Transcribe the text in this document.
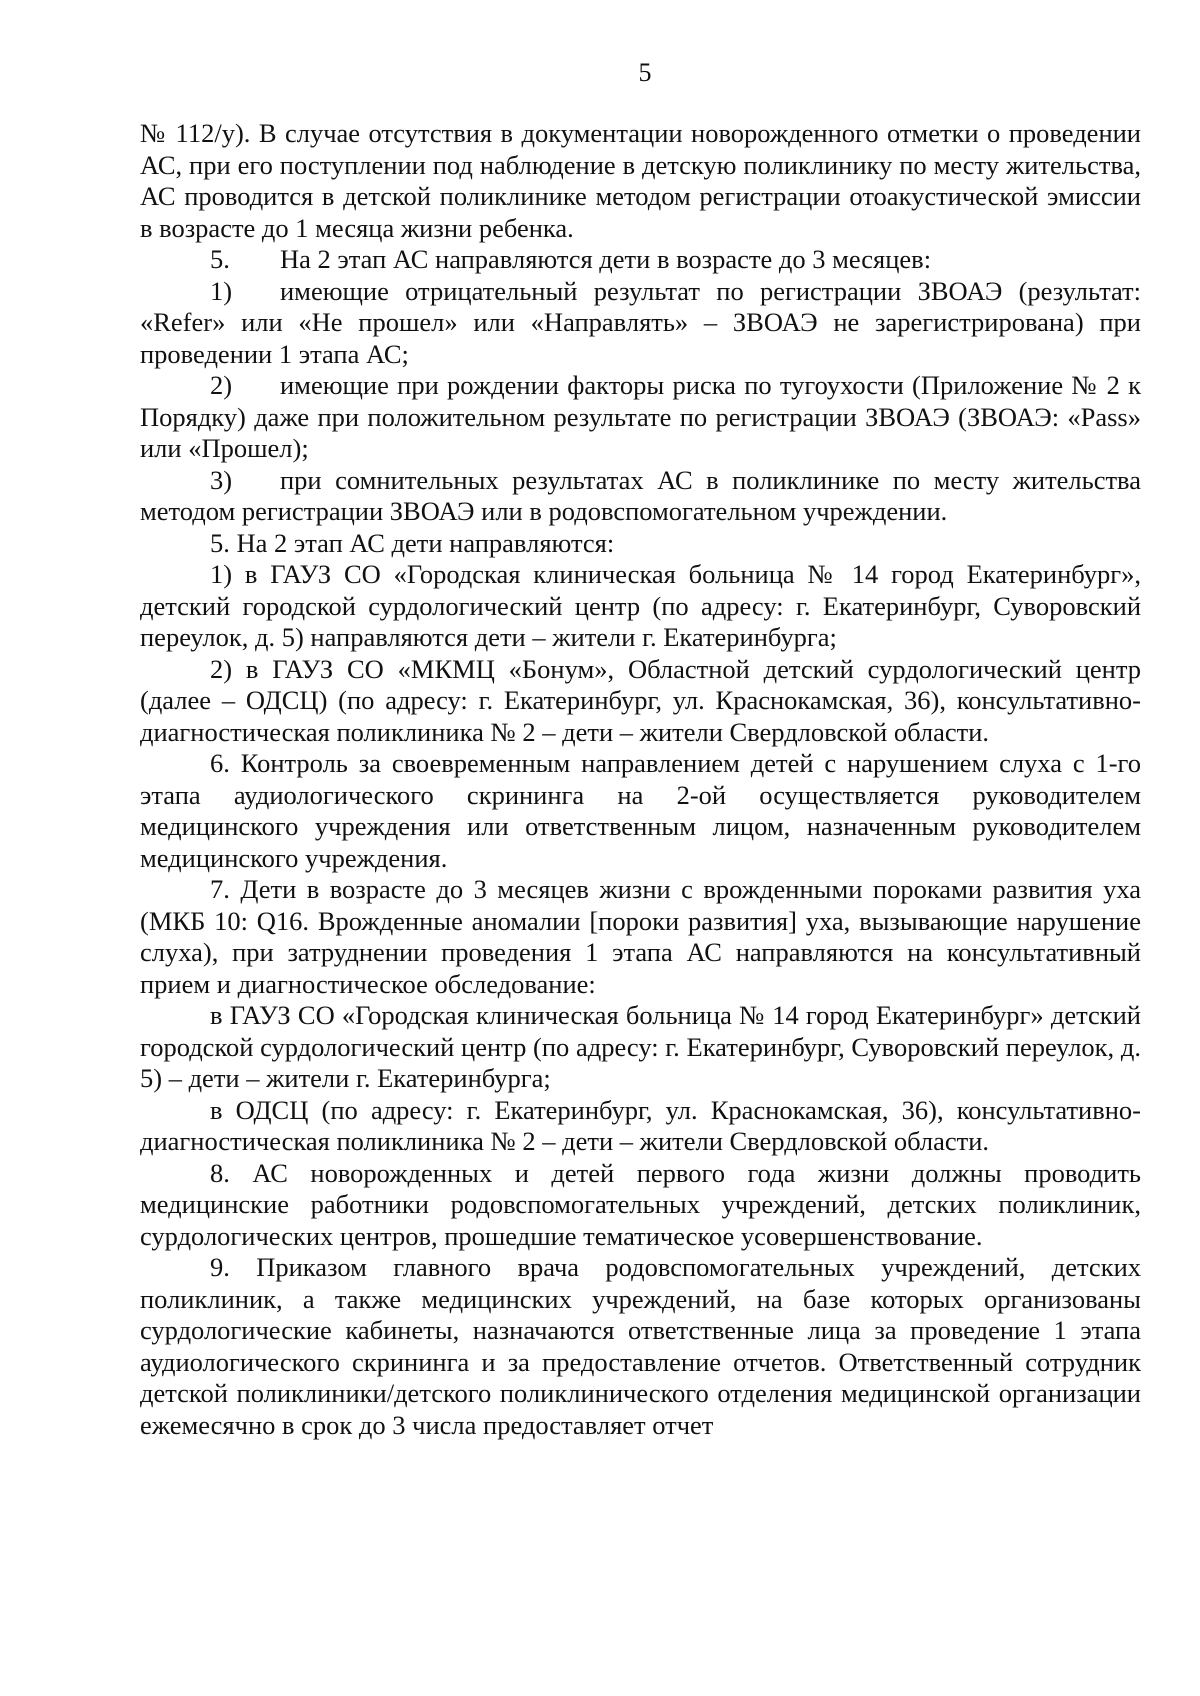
5

№ 112/у). В случае отсутствия в документации новорожденного отметки о проведении АС, при его поступлении под наблюдение в детскую поликлинику по месту жительства, АС проводится в детской поликлинике методом регистрации отоакустической эмиссии в возрасте до 1 месяца жизни ребенка.

5. На 2 этап АС направляются дети в возрасте до 3 месяцев:

1) имеющие отрицательный результат по регистрации ЗВОАЭ (результат: «Refer» или «Не прошел» или «Направлять» – ЗВОАЭ не зарегистрирована) при проведении 1 этапа АС;

2) имеющие при рождении факторы риска по тугоухости (Приложение № 2 к Порядку) даже при положительном результате по регистрации ЗВОАЭ (ЗВОАЭ: «Pass» или «Прошел);

3) при сомнительных результатах АС в поликлинике по месту жительства методом регистрации ЗВОАЭ или в родовспомогательном учреждении.

5. На 2 этап АС дети направляются:

1) в ГАУЗ СО «Городская клиническая больница № 14 город Екатеринбург», детский городской сурдологический центр (по адресу: г. Екатеринбург, Суворовский переулок, д. 5) направляются дети – жители г. Екатеринбурга;

2) в ГАУЗ СО «МКМЦ «Бонум», Областной детский сурдологический центр (далее – ОДСЦ) (по адресу: г. Екатеринбург, ул. Краснокамская, 36), консультативно-диагностическая поликлиника № 2 – дети – жители Свердловской области.

6. Контроль за своевременным направлением детей с нарушением слуха с 1-го этапа аудиологического скрининга на 2-ой осуществляется руководителем медицинского учреждения или ответственным лицом, назначенным руководителем медицинского учреждения.

7. Дети в возрасте до 3 месяцев жизни с врожденными пороками развития уха (МКБ 10: Q16. Врожденные аномалии [пороки развития] уха, вызывающие нарушение слуха), при затруднении проведения 1 этапа АС направляются на консультативный прием и диагностическое обследование:

в ГАУЗ СО «Городская клиническая больница № 14 город Екатеринбург» детский городской сурдологический центр (по адресу: г. Екатеринбург, Суворовский переулок, д. 5) – дети – жители г. Екатеринбурга;

в ОДСЦ (по адресу: г. Екатеринбург, ул. Краснокамская, 36), консультативно-диагностическая поликлиника № 2 – дети – жители Свердловской области.

8. АС новорожденных и детей первого года жизни должны проводить медицинские работники родовспомогательных учреждений, детских поликлиник, сурдологических центров, прошедшие тематическое усовершенствование.

9. Приказом главного врача родовспомогательных учреждений, детских поликлиник, а также медицинских учреждений, на базе которых организованы сурдологические кабинеты, назначаются ответственные лица за проведение 1 этапа аудиологического скрининга и за предоставление отчетов. Ответственный сотрудник детской поликлиники/детского поликлинического отделения медицинской организации ежемесячно в срок до 3 числа предоставляет отчет
